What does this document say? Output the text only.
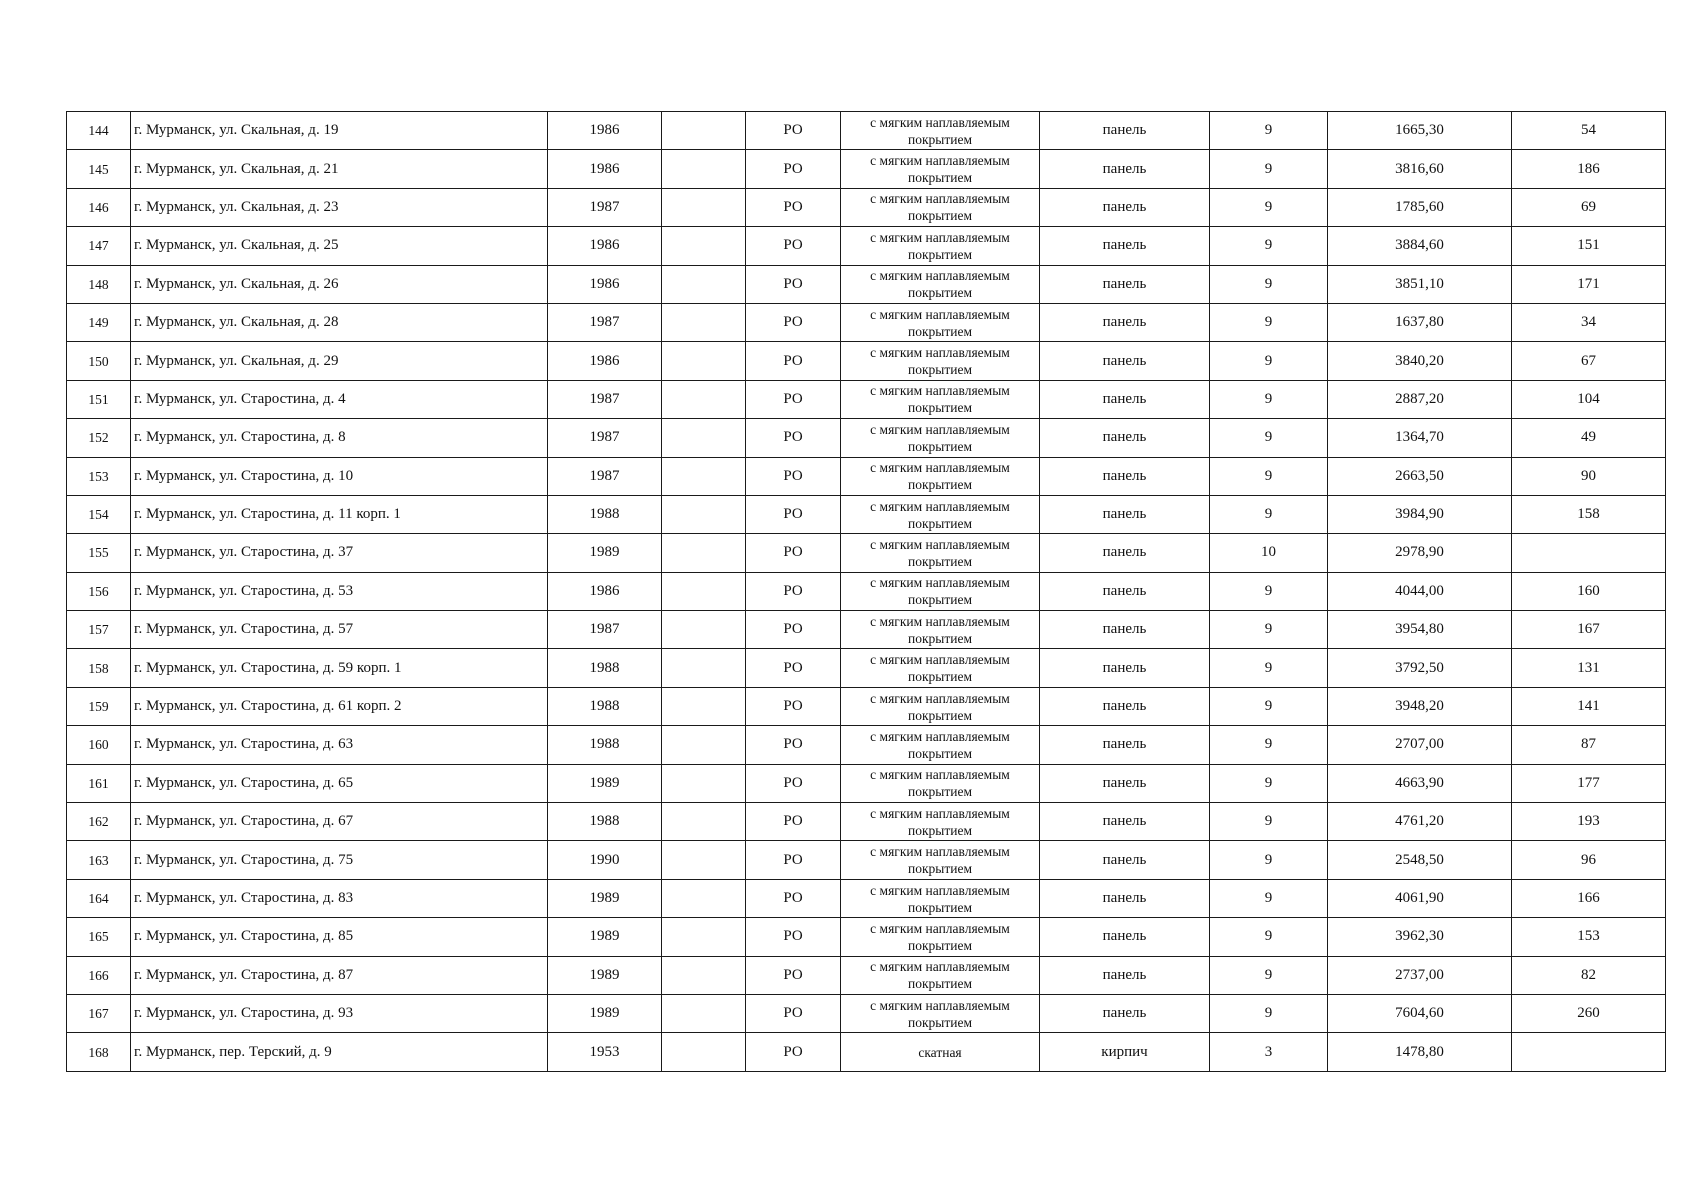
144	г. Мурманск, ул. Скальная, д. 19	1986		РО	с мягким наплавляемым покрытием	панель	9	1665,30	54
145	г. Мурманск, ул. Скальная, д. 21	1986		РО	с мягким наплавляемым покрытием	панель	9	3816,60	186
146	г. Мурманск, ул. Скальная, д. 23	1987		РО	с мягким наплавляемым покрытием	панель	9	1785,60	69
147	г. Мурманск, ул. Скальная, д. 25	1986		РО	с мягким наплавляемым покрытием	панель	9	3884,60	151
148	г. Мурманск, ул. Скальная, д. 26	1986		РО	с мягким наплавляемым покрытием	панель	9	3851,10	171
149	г. Мурманск, ул. Скальная, д. 28	1987		РО	с мягким наплавляемым покрытием	панель	9	1637,80	34
150	г. Мурманск, ул. Скальная, д. 29	1986		РО	с мягким наплавляемым покрытием	панель	9	3840,20	67
151	г. Мурманск, ул. Старостина, д. 4	1987		РО	с мягким наплавляемым покрытием	панель	9	2887,20	104
152	г. Мурманск, ул. Старостина, д. 8	1987		РО	с мягким наплавляемым покрытием	панель	9	1364,70	49
153	г. Мурманск, ул. Старостина, д. 10	1987		РО	с мягким наплавляемым покрытием	панель	9	2663,50	90
154	г. Мурманск, ул. Старостина, д. 11 корп. 1	1988		РО	с мягким наплавляемым покрытием	панель	9	3984,90	158
155	г. Мурманск, ул. Старостина, д. 37	1989		РО	с мягким наплавляемым покрытием	панель	10	2978,90	
156	г. Мурманск, ул. Старостина, д. 53	1986		РО	с мягким наплавляемым покрытием	панель	9	4044,00	160
157	г. Мурманск, ул. Старостина, д. 57	1987		РО	с мягким наплавляемым покрытием	панель	9	3954,80	167
158	г. Мурманск, ул. Старостина, д. 59 корп. 1	1988		РО	с мягким наплавляемым покрытием	панель	9	3792,50	131
159	г. Мурманск, ул. Старостина, д. 61 корп. 2	1988		РО	с мягким наплавляемым покрытием	панель	9	3948,20	141
160	г. Мурманск, ул. Старостина, д. 63	1988		РО	с мягким наплавляемым покрытием	панель	9	2707,00	87
161	г. Мурманск, ул. Старостина, д. 65	1989		РО	с мягким наплавляемым покрытием	панель	9	4663,90	177
162	г. Мурманск, ул. Старостина, д. 67	1988		РО	с мягким наплавляемым покрытием	панель	9	4761,20	193
163	г. Мурманск, ул. Старостина, д. 75	1990		РО	с мягким наплавляемым покрытием	панель	9	2548,50	96
164	г. Мурманск, ул. Старостина, д. 83	1989		РО	с мягким наплавляемым покрытием	панель	9	4061,90	166
165	г. Мурманск, ул. Старостина, д. 85	1989		РО	с мягким наплавляемым покрытием	панель	9	3962,30	153
166	г. Мурманск, ул. Старостина, д. 87	1989		РО	с мягким наплавляемым покрытием	панель	9	2737,00	82
167	г. Мурманск, ул. Старостина, д. 93	1989		РО	с мягким наплавляемым покрытием	панель	9	7604,60	260
168	г. Мурманск, пер. Терский, д. 9	1953		РО	скатная	кирпич	3	1478,80	
